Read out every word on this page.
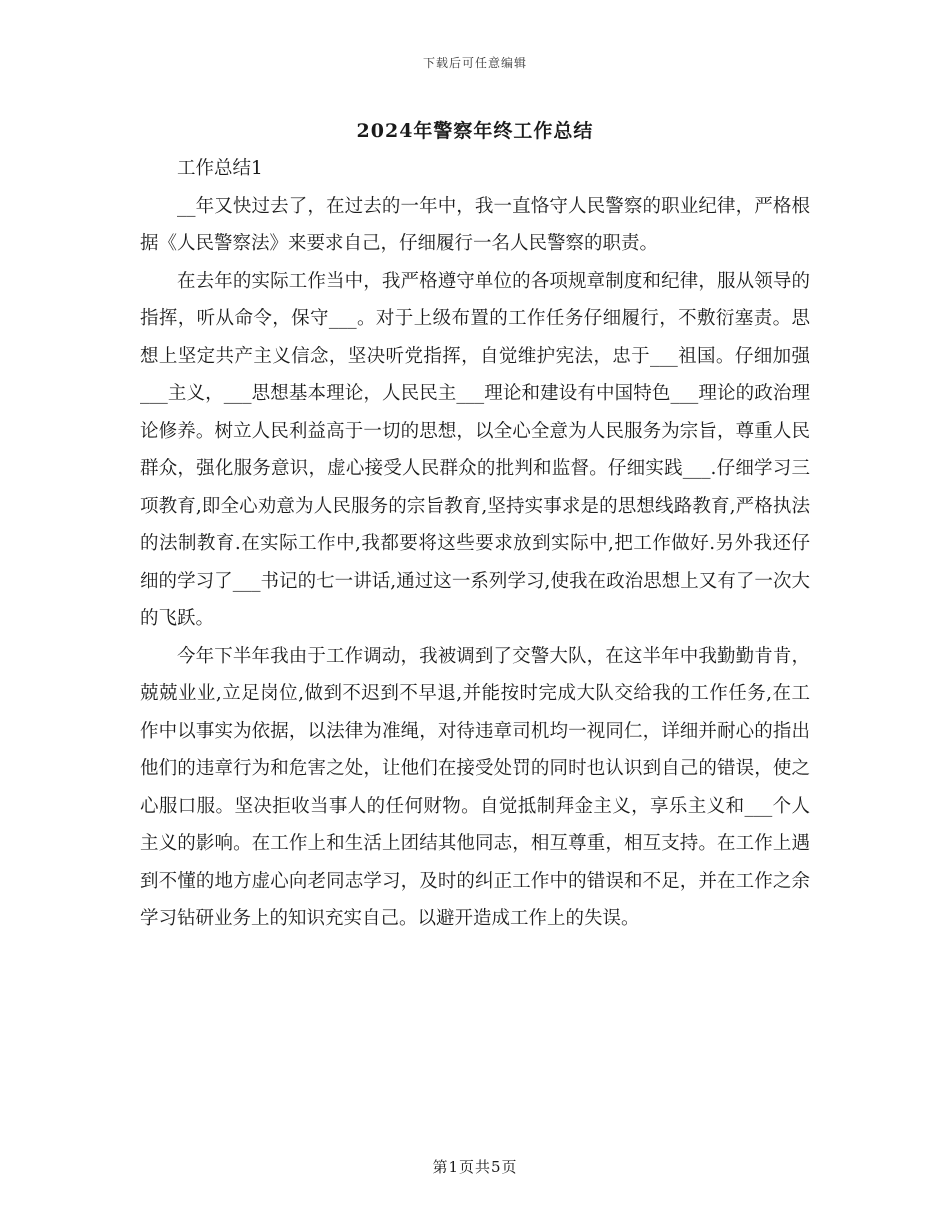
下载后可任意编辑
2024年警察年终工作总结

工作总结1

__年又快过去了，在过去的一年中，我一直恪守人民警察的职业纪律，严格根据《人民警察法》来要求自己，仔细履行一名人民警察的职责。

在去年的实际工作当中，我严格遵守单位的各项规章制度和纪律，服从领导的指挥，听从命令，保守___。对于上级布置的工作任务仔细履行，不敷衍塞责。思想上坚定共产主义信念，坚决听党指挥，自觉维护宪法，忠于___祖国。仔细加强___主义，___思想基本理论，人民民主___理论和建设有中国特色___理论的政治理论修养。树立人民利益高于一切的思想，以全心全意为人民服务为宗旨，尊重人民群众，强化服务意识，虚心接受人民群众的批判和监督。仔细实践___.仔细学习三项教育,即全心劝意为人民服务的宗旨教育,坚持实事求是的思想线路教育,严格执法的法制教育.在实际工作中,我都要将这些要求放到实际中,把工作做好.另外我还仔细的学习了___书记的七一讲话,通过这一系列学习,使我在政治思想上又有了一次大的飞跃。

今年下半年我由于工作调动，我被调到了交警大队，在这半年中我勤勤肯肯，兢兢业业,立足岗位,做到不迟到不早退,并能按时完成大队交给我的工作任务,在工作中以事实为依据，以法律为准绳，对待违章司机均一视同仁，详细并耐心的指出他们的违章行为和危害之处，让他们在接受处罚的同时也认识到自己的错误，使之心服口服。坚决拒收当事人的任何财物。自觉抵制拜金主义，享乐主义和___个人主义的影响。在工作上和生活上团结其他同志，相互尊重，相互支持。在工作上遇到不懂的地方虚心向老同志学习，及时的纠正工作中的错误和不足，并在工作之余学习钻研业务上的知识充实自己。以避开造成工作上的失误。

第1页共5页
